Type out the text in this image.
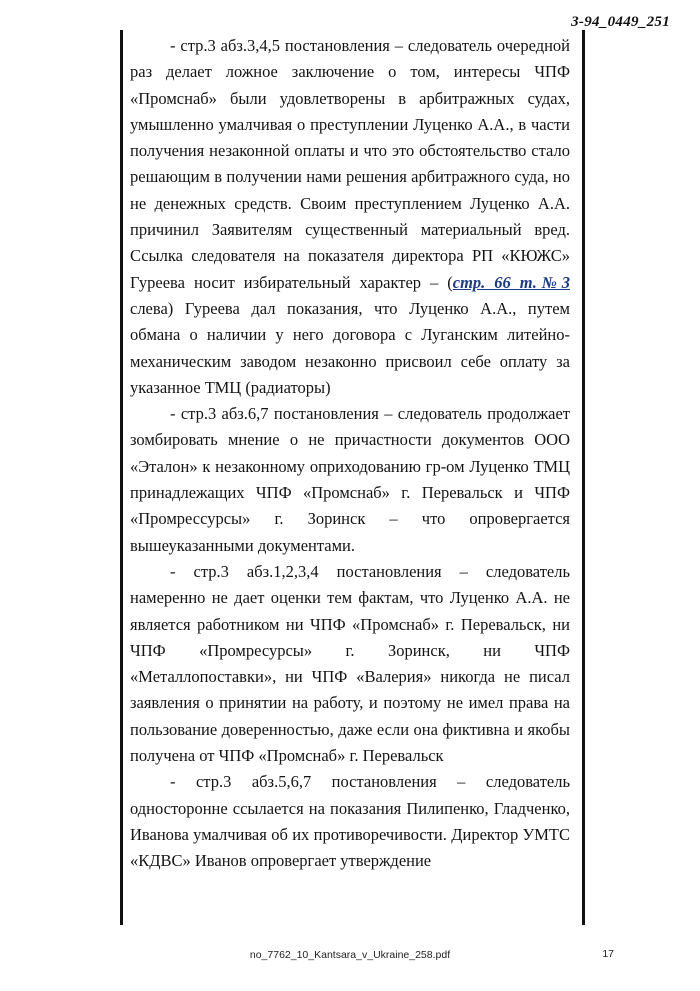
3-94_0449_251

- стр.3 абз.3,4,5 постановления – следователь очередной раз делает ложное заключение о том, интересы ЧПФ «Промснаб» были удовлетворены в арбитражных судах, умышленно умалчивая о преступлении Луценко А.А., в части получения незаконной оплаты и что это обстоятельство стало решающим в получении нами решения арбитражного суда, но не денежных средств. Своим преступлением Луценко А.А. причинил Заявителям существенный материальный вред. Ссылка следователя на показателя директора РП «КЮЖС» Гуреева носит избирательный характер – (стр. 66 т.№3 слева) Гуреева дал показания, что Луценко А.А., путем обмана о наличии у него договора с Луганским литейно-механическим заводом незаконно присвоил себе оплату за указанное ТМЦ (радиаторы)

- стр.3 абз.6,7 постановления – следователь продолжает зомбировать мнение о не причастности документов ООО «Эталон» к незаконному оприходованию гр-ом Луценко ТМЦ принадлежащих ЧПФ «Промснаб» г. Перевальск и ЧПФ «Промрессурсы» г. Зоринск – что опровергается вышеуказанными документами.

- стр.3 абз.1,2,3,4 постановления – следователь намеренно не дает оценки тем фактам, что Луценко А.А. не является работником ни ЧПФ «Промснаб» г. Перевальск, ни ЧПФ «Промресурсы» г. Зоринск, ни ЧПФ «Металлопоставки», ни ЧПФ «Валерия» никогда не писал заявления о принятии на работу, и поэтому не имел права на пользование доверенностью, даже если она фиктивна и якобы получена от ЧПФ «Промснаб» г. Перевальск

- стр.3 абз.5,6,7 постановления – следователь односторонне ссылается на показания Пилипенко, Гладченко, Иванова умалчивая об их противоречивости. Директор УМТС «КДВС» Иванов опровергает утверждение

no_7762_10_Kantsara_v_Ukraine_258.pdf	17
